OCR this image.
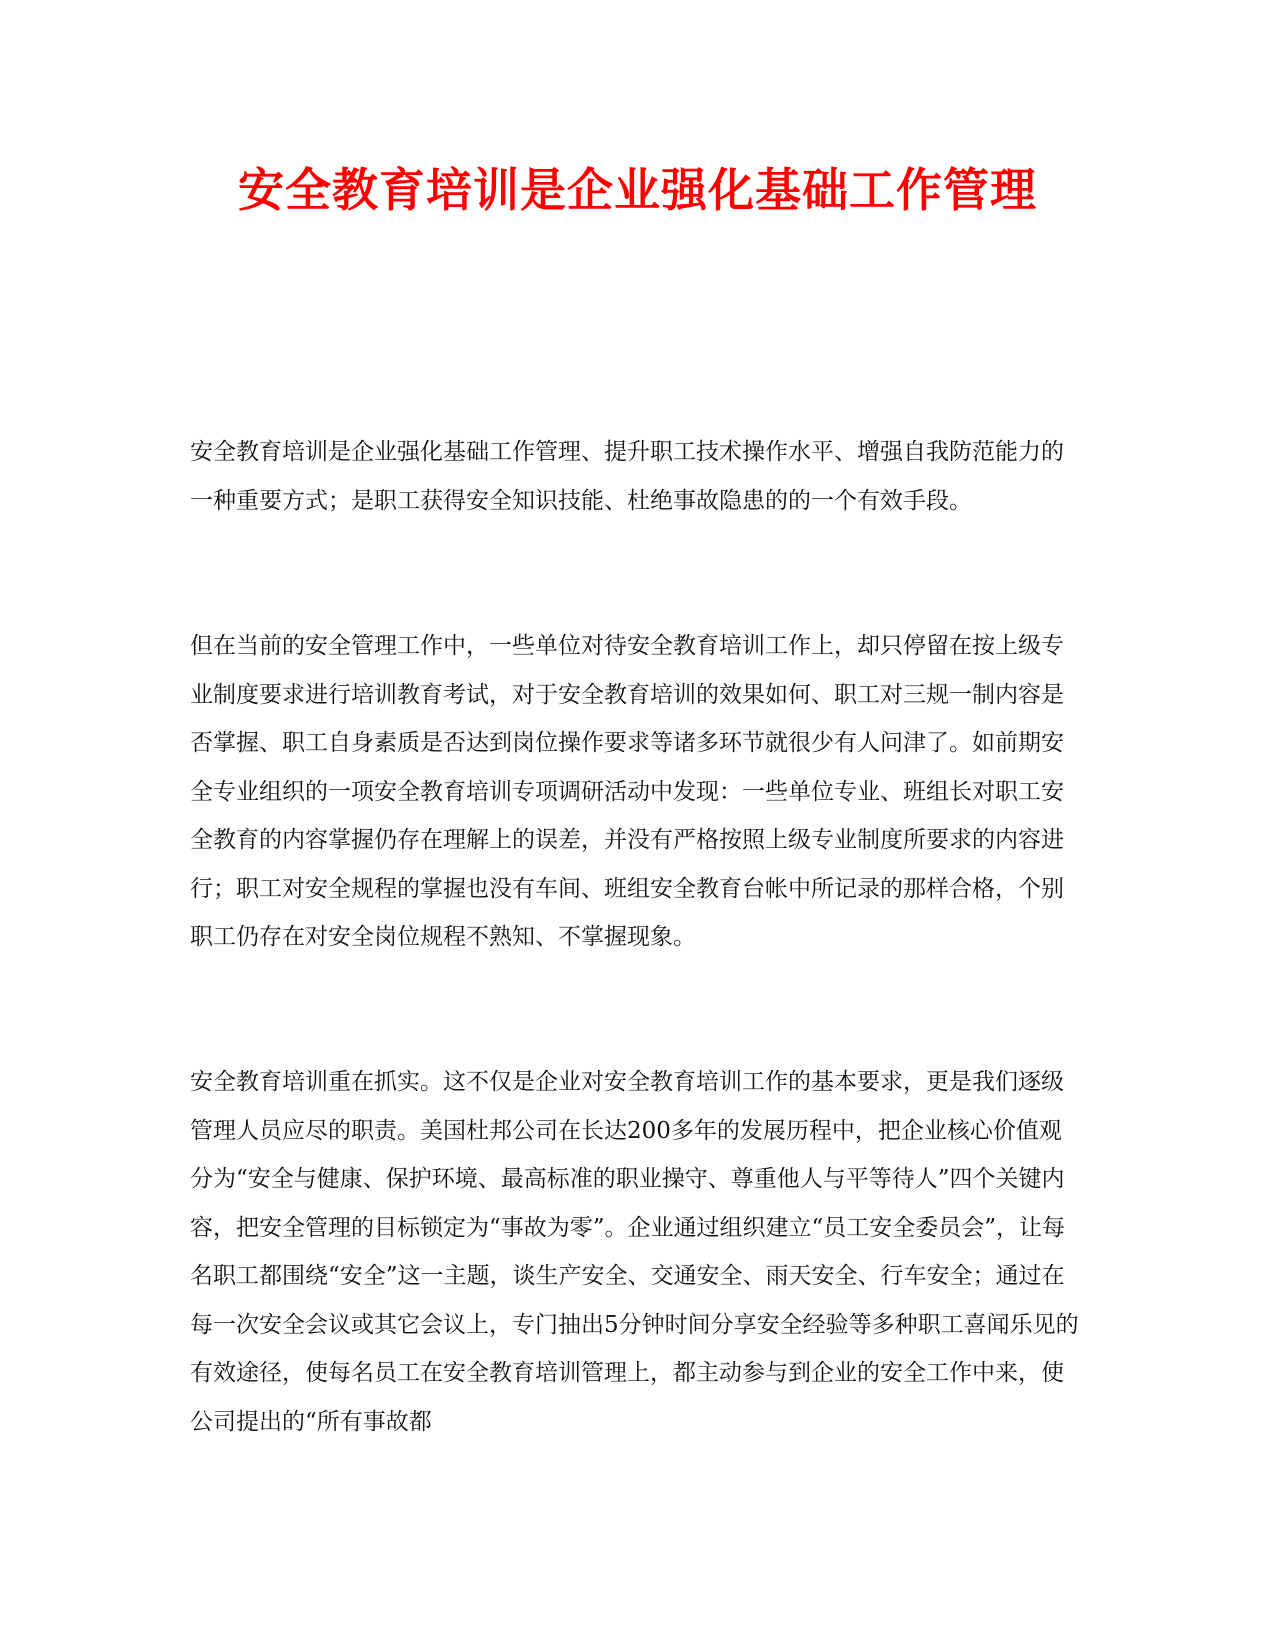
安全教育培训是企业强化基础工作管理

安全教育培训是企业强化基础工作管理、提升职工技术操作水平、增强自我防范能力的一种重要方式；是职工获得安全知识技能、杜绝事故隐患的的一个有效手段。

但在当前的安全管理工作中，一些单位对待安全教育培训工作上，却只停留在按上级专业制度要求进行培训教育考试，对于安全教育培训的效果如何、职工对三规一制内容是否掌握、职工自身素质是否达到岗位操作要求等诸多环节就很少有人问津了。如前期安全专业组织的一项安全教育培训专项调研活动中发现：一些单位专业、班组长对职工安全教育的内容掌握仍存在理解上的误差，并没有严格按照上级专业制度所要求的内容进行；职工对安全规程的掌握也没有车间、班组安全教育台帐中所记录的那样合格，个别职工仍存在对安全岗位规程不熟知、不掌握现象。

安全教育培训重在抓实。这不仅是企业对安全教育培训工作的基本要求，更是我们逐级管理人员应尽的职责。美国杜邦公司在长达200多年的发展历程中，把企业核心价值观分为“安全与健康、保护环境、最高标准的职业操守、尊重他人与平等待人”四个关键内容，把安全管理的目标锁定为“事故为零”。企业通过组织建立“员工安全委员会”，让每名职工都围绕“安全”这一主题，谈生产安全、交通安全、雨天安全、行车安全；通过在每一次安全会议或其它会议上，专门抽出5分钟时间分享安全经验等多种职工喜闻乐见的有效途径，使每名员工在安全教育培训管理上，都主动参与到企业的安全工作中来，使公司提出的“所有事故都
